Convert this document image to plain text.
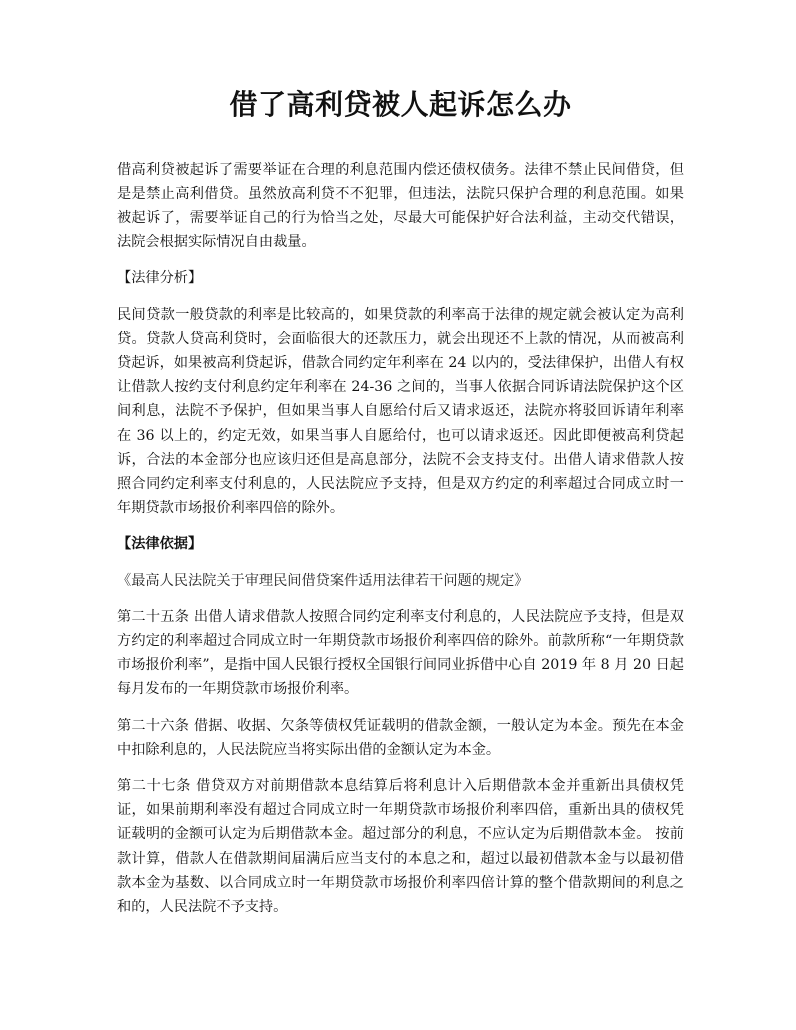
借了高利贷被人起诉怎么办

借高利贷被起诉了需要举证在合理的利息范围内偿还债权债务。法律不禁止民间借贷，但是是禁止高利借贷。虽然放高利贷不不犯罪，但违法，法院只保护合理的利息范围。如果被起诉了，需要举证自己的行为恰当之处，尽最大可能保护好合法利益，主动交代错误，法院会根据实际情况自由裁量。

【法律分析】

民间贷款一般贷款的利率是比较高的，如果贷款的利率高于法律的规定就会被认定为高利贷。贷款人贷高利贷时，会面临很大的还款压力，就会出现还不上款的情况，从而被高利贷起诉，如果被高利贷起诉，借款合同约定年利率在 24 以内的，受法律保护，出借人有权让借款人按约支付利息约定年利率在 24-36 之间的，当事人依据合同诉请法院保护这个区间利息，法院不予保护，但如果当事人自愿给付后又请求返还，法院亦将驳回诉请年利率在 36 以上的，约定无效，如果当事人自愿给付，也可以请求返还。因此即便被高利贷起诉，合法的本金部分也应该归还但是高息部分，法院不会支持支付。出借人请求借款人按照合同约定利率支付利息的，人民法院应予支持，但是双方约定的利率超过合同成立时一年期贷款市场报价利率四倍的除外。

【法律依据】

《最高人民法院关于审理民间借贷案件适用法律若干问题的规定》

第二十五条 出借人请求借款人按照合同约定利率支付利息的，人民法院应予支持，但是双方约定的利率超过合同成立时一年期贷款市场报价利率四倍的除外。前款所称“一年期贷款市场报价利率”，是指中国人民银行授权全国银行间同业拆借中心自 2019 年 8 月 20 日起每月发布的一年期贷款市场报价利率。

第二十六条 借据、收据、欠条等债权凭证载明的借款金额，一般认定为本金。预先在本金中扣除利息的，人民法院应当将实际出借的金额认定为本金。

第二十七条 借贷双方对前期借款本息结算后将利息计入后期借款本金并重新出具债权凭证，如果前期利率没有超过合同成立时一年期贷款市场报价利率四倍，重新出具的债权凭证载明的金额可认定为后期借款本金。超过部分的利息，不应认定为后期借款本金。 按前款计算，借款人在借款期间届满后应当支付的本息之和，超过以最初借款本金与以最初借款本金为基数、以合同成立时一年期贷款市场报价利率四倍计算的整个借款期间的利息之和的，人民法院不予支持。
